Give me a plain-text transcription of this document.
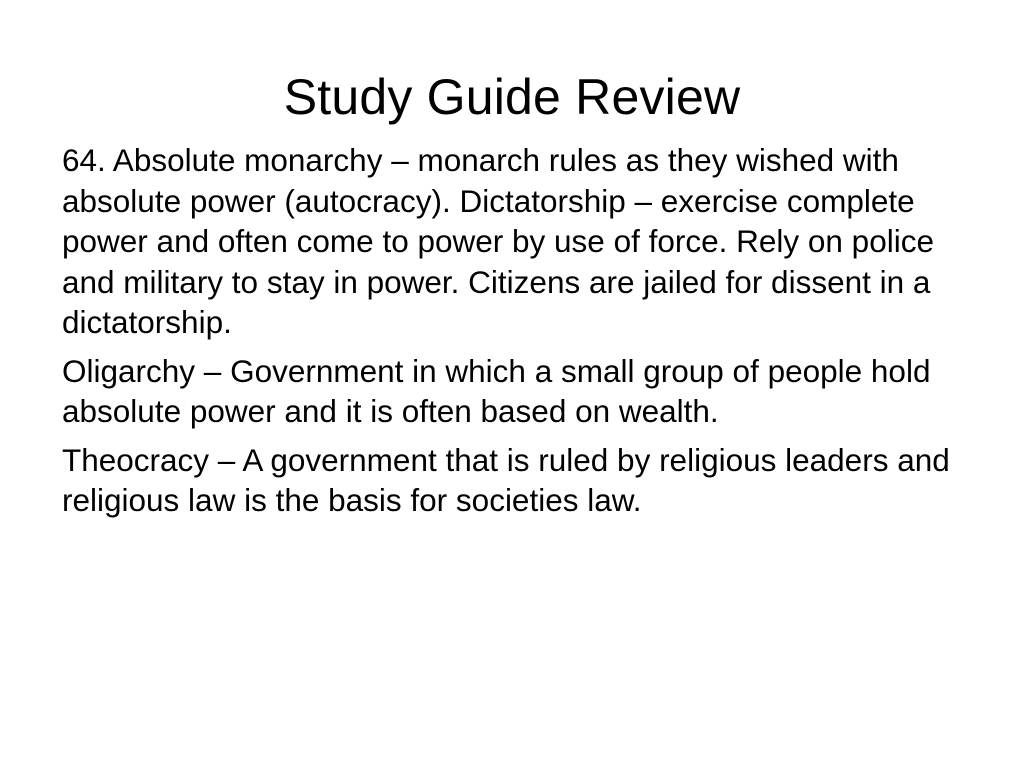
Study Guide Review

64. Absolute monarchy – monarch rules as they wished with absolute power (autocracy). Dictatorship – exercise complete power and often come to power by use of force. Rely on police and military to stay in power. Citizens are jailed for dissent in a dictatorship.

Oligarchy – Government in which a small group of people hold absolute power and it is often based on wealth.

Theocracy – A government that is ruled by religious leaders and religious law is the basis for societies law.
